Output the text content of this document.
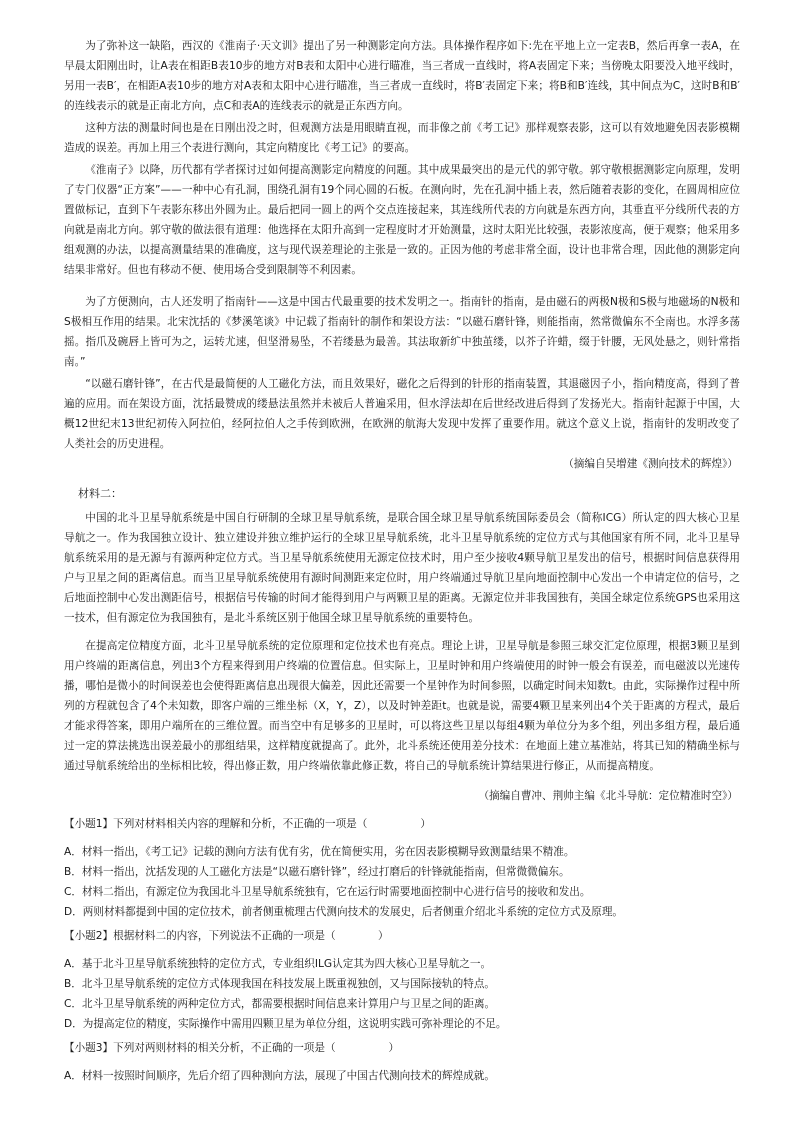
为了弥补这一缺陷，西汉的《淮南子·天文训》提出了另一种测影定向方法。具体操作程序如下:先在平地上立一定表B，然后再拿一表A，在早晨太阳刚出时，让A表在相距B表10步的地方对B表和太阳中心进行瞄准，当三者成一直线时，将A表固定下来；当傍晚太阳要没入地平线时，另用一表B′，在相距A表10步的地方对A表和太阳中心进行瞄准，当三者成一直线时，将B′表固定下来；将B和B′连线，其中间点为C，这时B和B′的连线表示的就是正南北方向，点C和表A的连线表示的就是正东西方向。

这种方法的测量时间也是在日刚出没之时，但观测方法是用眼睛直视，而非像之前《考工记》那样观察表影，这可以有效地避免因表影模糊造成的误差。再加上用三个表进行测向，其定向精度比《考工记》的要高。

《淮南子》以降，历代都有学者探讨过如何提高测影定向精度的问题。其中成果最突出的是元代的郭守敬。郭守敬根据测影定向原理，发明了专门仪器“正方案”——一种中心有孔洞，围绕孔洞有19个同心圆的石板。在测向时，先在孔洞中插上表，然后随着表影的变化，在圆周相应位置做标记，直到下午表影东移出外圆为止。最后把同一圆上的两个交点连接起来，其连线所代表的方向就是东西方向，其垂直平分线所代表的方向就是南北方向。郭守敬的做法很有道理：他选择在太阳升高到一定程度时才开始测量，这时太阳光比较强，表影浓度高，便于观察；他采用多组观测的办法，以提高测量结果的准确度，这与现代误差理论的主张是一致的。正因为他的考虑非常全面，设计也非常合理，因此他的测影定向结果非常好。但也有移动不便、使用场合受到限制等不利因素。

为了方便测向，古人还发明了指南针——这是中国古代最重要的技术发明之一。指南针的指南，是由磁石的两极N极和S极与地磁场的N极和S极相互作用的结果。北宋沈括的《梦溪笔谈》中记载了指南针的制作和架设方法：“以磁石磨针锋，则能指南，然常微偏东不全南也。水浮多荡摇。指爪及碗唇上皆可为之，运转尤速，但坚滑易坠，不若缕悬为最善。其法取新纩中独茧缕，以芥子许蜡，缀于针腰，无风处悬之，则针常指南。”

“以磁石磨针锋”，在古代是最简便的人工磁化方法，而且效果好，磁化之后得到的针形的指南装置，其退磁因子小，指向精度高，得到了普遍的应用。而在架设方面，沈括最赞成的缕悬法虽然并未被后人普遍采用，但水浮法却在后世经改进后得到了发扬光大。指南针起源于中国，大概12世纪末13世纪初传入阿拉伯，经阿拉伯人之手传到欧洲，在欧洲的航海大发现中发挥了重要作用。就这个意义上说，指南针的发明改变了人类社会的历史进程。

（摘编自吴增建《测向技术的辉煌》）

材料二：

中国的北斗卫星导航系统是中国自行研制的全球卫星导航系统，是联合国全球卫星导航系统国际委员会（简称ICG）所认定的四大核心卫星导航之一。作为我国独立设计、独立建设并独立维护运行的全球卫星导航系统，北斗卫星导航系统的定位方式与其他国家有所不同，北斗卫星导航系统采用的是无源与有源两种定位方式。当卫星导航系统使用无源定位技术时，用户至少接收4颗导航卫星发出的信号，根据时间信息获得用户与卫星之间的距离信息。而当卫星导航系统使用有源时间测距来定位时，用户终端通过导航卫星向地面控制中心发出一个申请定位的信号，之后地面控制中心发出测距信号，根据信号传输的时间才能得到用户与两颗卫星的距离。无源定位并非我国独有，美国全球定位系统GPS也采用这一技术，但有源定位为我国独有，是北斗系统区别于他国全球卫星导航系统的重要特色。

在提高定位精度方面，北斗卫星导航系统的定位原理和定位技术也有亮点。理论上讲，卫星导航是参照三球交汇定位原理，根据3颗卫星到用户终端的距离信息，列出3个方程来得到用户终端的位置信息。但实际上，卫星时钟和用户终端使用的时钟一般会有误差，而电磁波以光速传播，哪怕是微小的时间误差也会使得距离信息出现很大偏差，因此还需要一个星钟作为时间参照，以确定时间未知数t。由此，实际操作过程中所列的方程就包含了4个未知数，即客户端的三维坐标（X，Y，Z），以及时钟差距t。也就是说，需要4颗卫星来列出4个关于距离的方程式，最后才能求得答案，即用户端所在的三维位置。而当空中有足够多的卫星时，可以将这些卫星以每组4颗为单位分为多个组，列出多组方程，最后通过一定的算法挑选出误差最小的那组结果，这样精度就提高了。此外，北斗系统还使用差分技术：在地面上建立基准站，将其已知的精确坐标与通过导航系统给出的坐标相比较，得出修正数，用户终端依靠此修正数，将自己的导航系统计算结果进行修正，从而提高精度。

（摘编自曹冲、荆帅主编《北斗导航：定位精准时空》）

【小题1】下列对材料相关内容的理解和分析，不正确的一项是（　　　　　）

A．材料一指出，《考工记》记载的测向方法有优有劣，优在简便实用，劣在因表影模糊导致测量结果不精准。

B．材料一指出，沈括发现的人工磁化方法是“以磁石磨针锋”，经过打磨后的针锋就能指南，但常微微偏东。

C．材料二指出，有源定位为我国北斗卫星导航系统独有，它在运行时需要地面控制中心进行信号的接收和发出。

D．两则材料都提到中国的定位技术，前者侧重梳理古代测向技术的发展史，后者侧重介绍北斗系统的定位方式及原理。

【小题2】根据材料二的内容，下列说法不正确的一项是（　　　　）

A．基于北斗卫星导航系统独特的定位方式，专业组织ILG认定其为四大核心卫星导航之一。

B．北斗卫星导航系统的定位方式体现我国在科技发展上既重视独创，又与国际接轨的特点。

C．北斗卫星导航系统的两种定位方式，都需要根据时间信息来计算用户与卫星之间的距离。

D．为提高定位的精度，实际操作中需用四颗卫星为单位分组，这说明实践可弥补理论的不足。

【小题3】下列对两则材料的相关分析，不正确的一项是（　　　　　）

A．材料一按照时间顺序，先后介绍了四种测向方法，展现了中国古代测向技术的辉煌成就。
